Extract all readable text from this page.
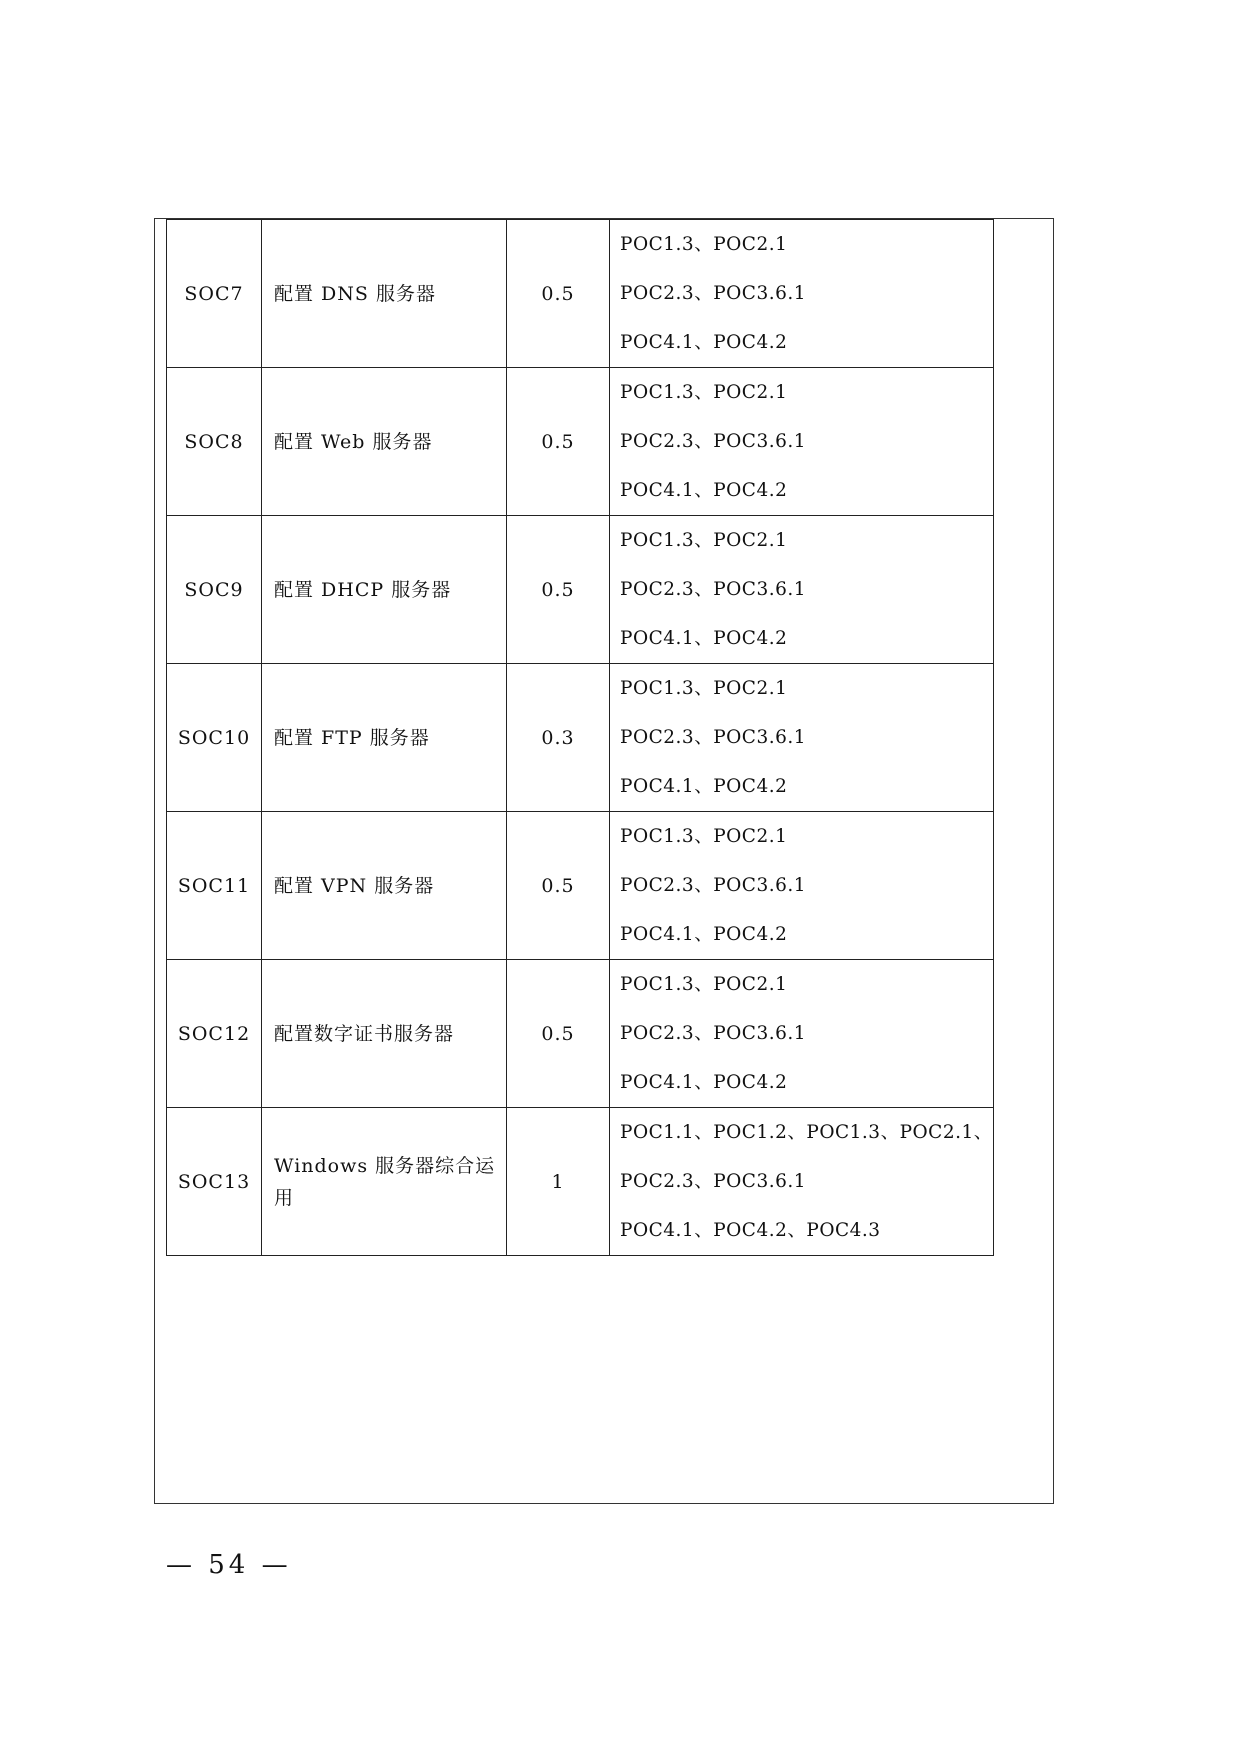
SOC7	配置 DNS 服务器	0.5	POC1.3、POC2.1
POC2.3、POC3.6.1
POC4.1、POC4.2

SOC8	配置 Web 服务器	0.5	POC1.3、POC2.1
POC2.3、POC3.6.1
POC4.1、POC4.2

SOC9	配置 DHCP 服务器	0.5	POC1.3、POC2.1
POC2.3、POC3.6.1
POC4.1、POC4.2

SOC10	配置 FTP 服务器	0.3	POC1.3、POC2.1
POC2.3、POC3.6.1
POC4.1、POC4.2

SOC11	配置 VPN 服务器	0.5	POC1.3、POC2.1
POC2.3、POC3.6.1
POC4.1、POC4.2

SOC12	配置数字证书服务器	0.5	POC1.3、POC2.1
POC2.3、POC3.6.1
POC4.1、POC4.2

SOC13	Windows 服务器综合运用	1	POC1.1、POC1.2、POC1.3、POC2.1、
POC2.3、POC3.6.1
POC4.1、POC4.2、POC4.3
— 54 —
